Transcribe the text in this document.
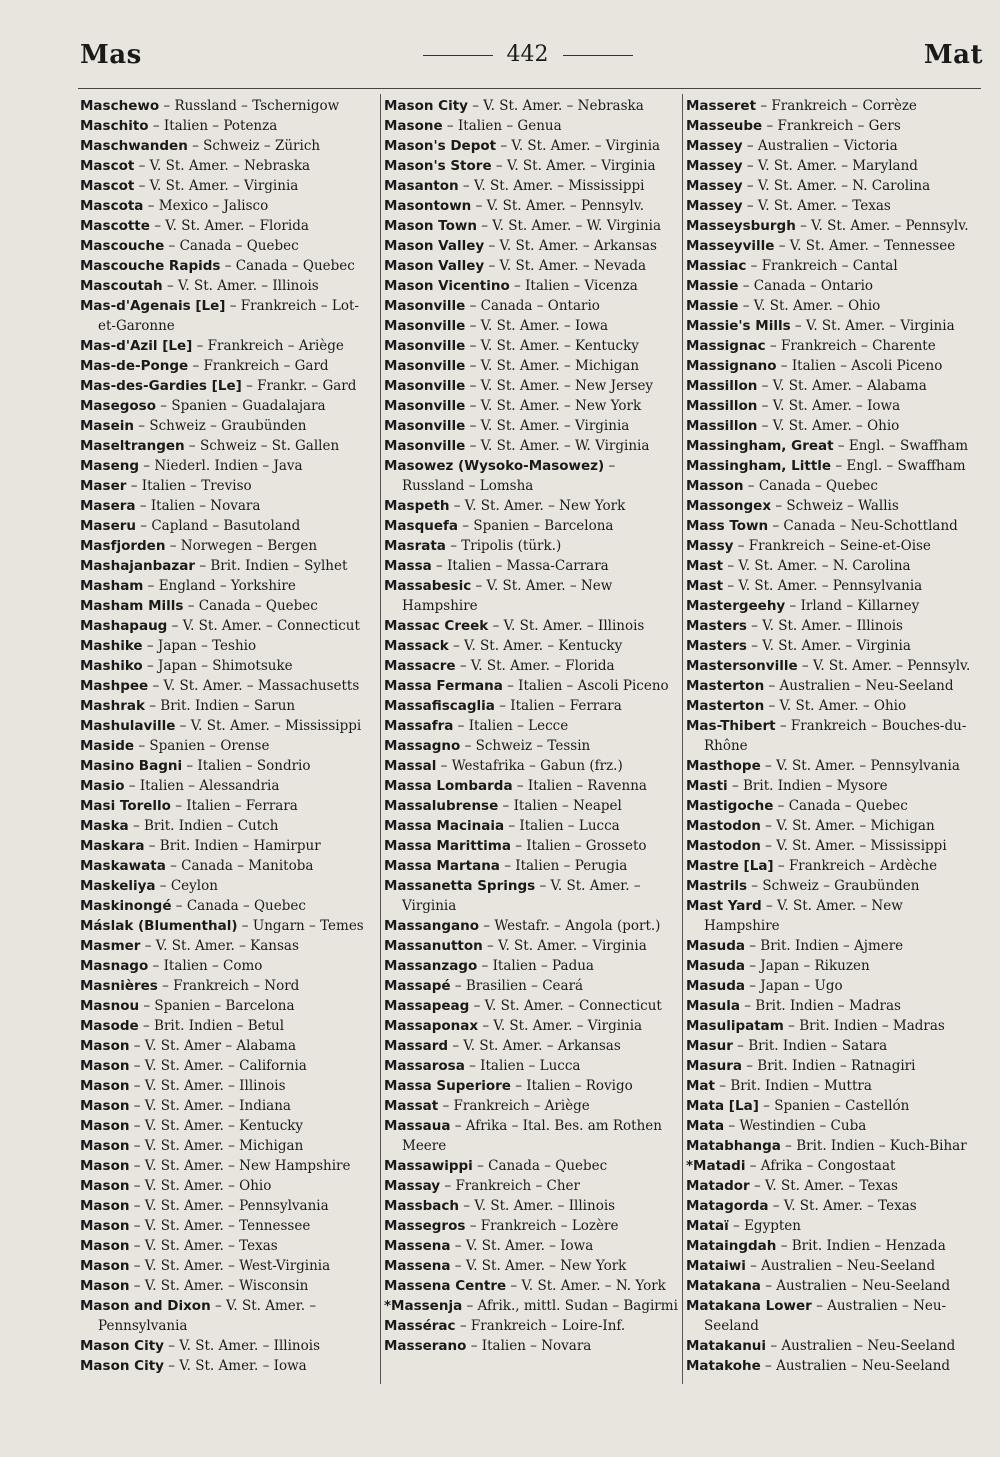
Mas	442	Mat
Maschewo – Russland – Tschernigow
Maschito – Italien – Potenza
Maschwanden – Schweiz – Zürich
Mascot – V. St. Amer. – Nebraska
Mascot – V. St. Amer. – Virginia
Mascota – Mexico – Jalisco
Mascotte – V. St. Amer. – Florida
Mascouche – Canada – Quebec
Mascouche Rapids – Canada – Quebec
Mascoutah – V. St. Amer. – Illinois
Mas-d'Agenais [Le] – Frankreich – Lot-et-Garonne
Mas-d'Azil [Le] – Frankreich – Ariège
Mas-de-Ponge – Frankreich – Gard
Mas-des-Gardies [Le] – Frankr. – Gard
Masegoso – Spanien – Guadalajara
Masein – Schweiz – Graubünden
Maseltrangen – Schweiz – St. Gallen
Maseng – Niederl. Indien – Java
Maser – Italien – Treviso
Masera – Italien – Novara
Maseru – Capland – Basutoland
Masfjorden – Norwegen – Bergen
Mashajanbazar – Brit. Indien – Sylhet
Masham – England – Yorkshire
Masham Mills – Canada – Quebec
Mashapaug – V. St. Amer. – Connecticut
Mashike – Japan – Teshio
Mashiko – Japan – Shimotsuke
Mashpee – V. St. Amer. – Massachusetts
Mashrak – Brit. Indien – Sarun
Mashulaville – V. St. Amer. – Mississippi
Maside – Spanien – Orense
Masino Bagni – Italien – Sondrio
Masio – Italien – Alessandria
Masi Torello – Italien – Ferrara
Maska – Brit. Indien – Cutch
Maskara – Brit. Indien – Hamirpur
Maskawata – Canada – Manitoba
Maskeliya – Ceylon
Maskinongé – Canada – Quebec
Máslak (Blumenthal) – Ungarn – Temes
Masmer – V. St. Amer. – Kansas
Masnago – Italien – Como
Masnières – Frankreich – Nord
Masnou – Spanien – Barcelona
Masode – Brit. Indien – Betul
Mason – V. St. Amer – Alabama
Mason – V. St. Amer. – California
Mason – V. St. Amer. – Illinois
Mason – V. St. Amer. – Indiana
Mason – V. St. Amer. – Kentucky
Mason – V. St. Amer. – Michigan
Mason – V. St. Amer. – New Hampshire
Mason – V. St. Amer. – Ohio
Mason – V. St. Amer. – Pennsylvania
Mason – V. St. Amer. – Tennessee
Mason – V. St. Amer. – Texas
Mason – V. St. Amer. – West-Virginia
Mason – V. St. Amer. – Wisconsin
Mason and Dixon – V. St. Amer. – Pennsylvania
Mason City – V. St. Amer. – Illinois
Mason City – V. St. Amer. – Iowa
Mason City – V. St. Amer. – Nebraska
Masone – Italien – Genua
Mason's Depot – V. St. Amer. – Virginia
Mason's Store – V. St. Amer. – Virginia
Masanton – V. St. Amer. – Mississippi
Masontown – V. St. Amer. – Pennsylv.
Mason Town – V. St. Amer. – W. Virginia
Mason Valley – V. St. Amer. – Arkansas
Mason Valley – V. St. Amer. – Nevada
Mason Vicentino – Italien – Vicenza
Masonville – Canada – Ontario
Masonville – V. St. Amer. – Iowa
Masonville – V. St. Amer. – Kentucky
Masonville – V. St. Amer. – Michigan
Masonville – V. St. Amer. – New Jersey
Masonville – V. St. Amer. – New York
Masonville – V. St. Amer. – Virginia
Masonville – V. St. Amer. – W. Virginia
Masowez (Wysoko-Masowez) – Russland – Lomsha
Maspeth – V. St. Amer. – New York
Masquefa – Spanien – Barcelona
Masrata – Tripolis (türk.)
Massa – Italien – Massa-Carrara
Massabesic – V. St. Amer. – New Hampshire
Massac Creek – V. St. Amer. – Illinois
Massack – V. St. Amer. – Kentucky
Massacre – V. St. Amer. – Florida
Massa Fermana – Italien – Ascoli Piceno
Massafiscaglia – Italien – Ferrara
Massafra – Italien – Lecce
Massagno – Schweiz – Tessin
Massal – Westafrika – Gabun (frz.)
Massa Lombarda – Italien – Ravenna
Massalubrense – Italien – Neapel
Massa Macinaia – Italien – Lucca
Massa Marittima – Italien – Grosseto
Massa Martana – Italien – Perugia
Massanetta Springs – V. St. Amer. – Virginia
Massangano – Westafr. – Angola (port.)
Massanutton – V. St. Amer. – Virginia
Massanzago – Italien – Padua
Massapé – Brasilien – Ceará
Massapeag – V. St. Amer. – Connecticut
Massaponax – V. St. Amer. – Virginia
Massard – V. St. Amer. – Arkansas
Massarosa – Italien – Lucca
Massa Superiore – Italien – Rovigo
Massat – Frankreich – Ariège
Massaua – Afrika – Ital. Bes. am Rothen Meere
Massawippi – Canada – Quebec
Massay – Frankreich – Cher
Massbach – V. St. Amer. – Illinois
Massegros – Frankreich – Lozère
Massena – V. St. Amer. – Iowa
Massena – V. St. Amer. – New York
Massena Centre – V. St. Amer. – N. York
*Massenja – Afrik., mittl. Sudan – Bagirmi
Massérac – Frankreich – Loire-Inf.
Masserano – Italien – Novara
Masseret – Frankreich – Corrèze
Masseube – Frankreich – Gers
Massey – Australien – Victoria
Massey – V. St. Amer. – Maryland
Massey – V. St. Amer. – N. Carolina
Massey – V. St. Amer. – Texas
Masseysburgh – V. St. Amer. – Pennsylv.
Masseyville – V. St. Amer. – Tennessee
Massiac – Frankreich – Cantal
Massie – Canada – Ontario
Massie – V. St. Amer. – Ohio
Massie's Mills – V. St. Amer. – Virginia
Massignac – Frankreich – Charente
Massignano – Italien – Ascoli Piceno
Massillon – V. St. Amer. – Alabama
Massillon – V. St. Amer. – Iowa
Massillon – V. St. Amer. – Ohio
Massingham, Great – Engl. – Swaffham
Massingham, Little – Engl. – Swaffham
Masson – Canada – Quebec
Massongex – Schweiz – Wallis
Mass Town – Canada – Neu-Schottland
Massy – Frankreich – Seine-et-Oise
Mast – V. St. Amer. – N. Carolina
Mast – V. St. Amer. – Pennsylvania
Mastergeehy – Irland – Killarney
Masters – V. St. Amer. – Illinois
Masters – V. St. Amer. – Virginia
Mastersonville – V. St. Amer. – Pennsylv.
Masterton – Australien – Neu-Seeland
Masterton – V. St. Amer. – Ohio
Mas-Thibert – Frankreich – Bouches-du-Rhône
Masthope – V. St. Amer. – Pennsylvania
Masti – Brit. Indien – Mysore
Mastigoche – Canada – Quebec
Mastodon – V. St. Amer. – Michigan
Mastodon – V. St. Amer. – Mississippi
Mastre [La] – Frankreich – Ardèche
Mastrils – Schweiz – Graubünden
Mast Yard – V. St. Amer. – New Hampshire
Masuda – Brit. Indien – Ajmere
Masuda – Japan – Rikuzen
Masuda – Japan – Ugo
Masula – Brit. Indien – Madras
Masulipatam – Brit. Indien – Madras
Masur – Brit. Indien – Satara
Masura – Brit. Indien – Ratnagiri
Mat – Brit. Indien – Muttra
Mata [La] – Spanien – Castellón
Mata – Westindien – Cuba
Matabhanga – Brit. Indien – Kuch-Bihar
*Matadi – Afrika – Congostaat
Matador – V. St. Amer. – Texas
Matagorda – V. St. Amer. – Texas
Mataï – Egypten
Mataingdah – Brit. Indien – Henzada
Mataiwi – Australien – Neu-Seeland
Matakana – Australien – Neu-Seeland
Matakana Lower – Australien – Neu-Seeland
Matakanui – Australien – Neu-Seeland
Matakohe – Australien – Neu-Seeland
